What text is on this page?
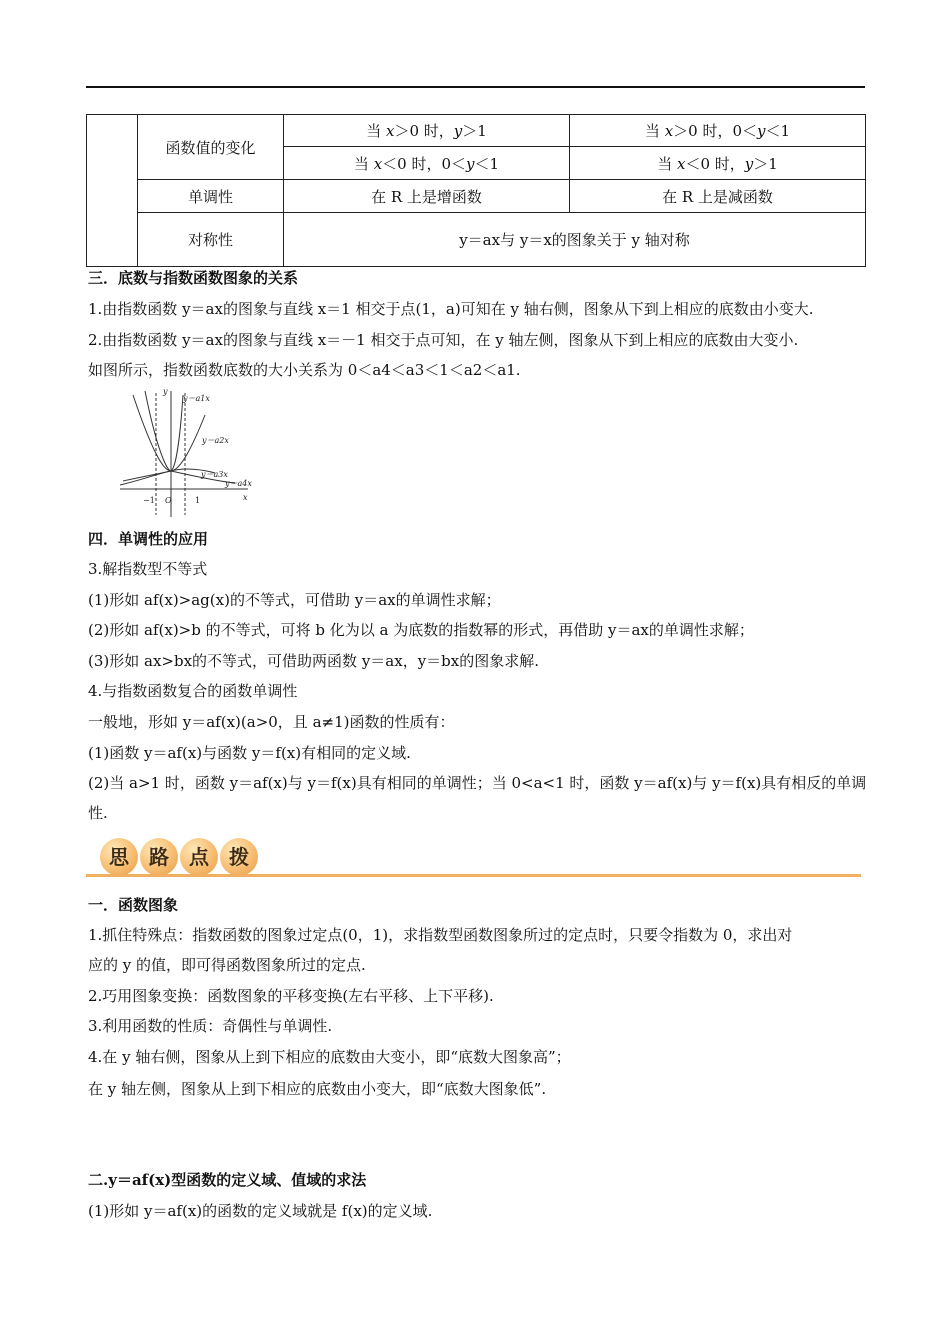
	函数值的变化	当 x＞0 时，y＞1	当 x＞0 时，0＜y＜1
		当 x＜0 时，0＜y＜1	当 x＜0 时，y＞1
	单调性	在 R 上是增函数	在 R 上是减函数
	对称性	y＝ax与 y＝x的图象关于 y 轴对称	
三．底数与指数函数图象的关系
1.由指数函数 y＝ax的图象与直线 x＝1 相交于点(1，a)可知在 y 轴右侧，图象从下到上相应的底数由小变大.
2.由指数函数 y＝ax的图象与直线 x＝－1 相交于点可知，在 y 轴左侧，图象从下到上相应的底数由大变小.
如图所示，指数函数底数的大小关系为 0＜a4＜a3＜1＜a2＜a1.
y
x
y＝a1x
y＝a2x
y＝a3x
y＝a4x
−1 O	1
四．单调性的应用
3.解指数型不等式
(1)形如 af(x)>ag(x)的不等式，可借助 y＝ax的单调性求解；
(2)形如 af(x)>b 的不等式，可将 b 化为以 a 为底数的指数幂的形式，再借助 y＝ax的单调性求解；
(3)形如 ax>bx的不等式，可借助两函数 y＝ax，y＝bx的图象求解.
4.与指数函数复合的函数单调性
一般地，形如 y＝af(x)(a>0，且 a≠1)函数的性质有：
(1)函数 y＝af(x)与函数 y＝f(x)有相同的定义域.
(2)当 a>1 时，函数 y＝af(x)与 y＝f(x)具有相同的单调性；当 0<a<1 时，函数 y＝af(x)与 y＝f(x)具有相反的单调
性.
思	路	点	拨
一．函数图象
1.抓住特殊点：指数函数的图象过定点(0，1)，求指数型函数图象所过的定点时，只要令指数为 0，求出对
应的 y 的值，即可得函数图象所过的定点.
2.巧用图象变换：函数图象的平移变换(左右平移、上下平移).
3.利用函数的性质：奇偶性与单调性.
4.在 y 轴右侧，图象从上到下相应的底数由大变小，即“底数大图象高”；
在 y 轴左侧，图象从上到下相应的底数由小变大，即“底数大图象低”.
二.y＝af(x)型函数的定义域、值域的求法
(1)形如 y＝af(x)的函数的定义域就是 f(x)的定义域.
